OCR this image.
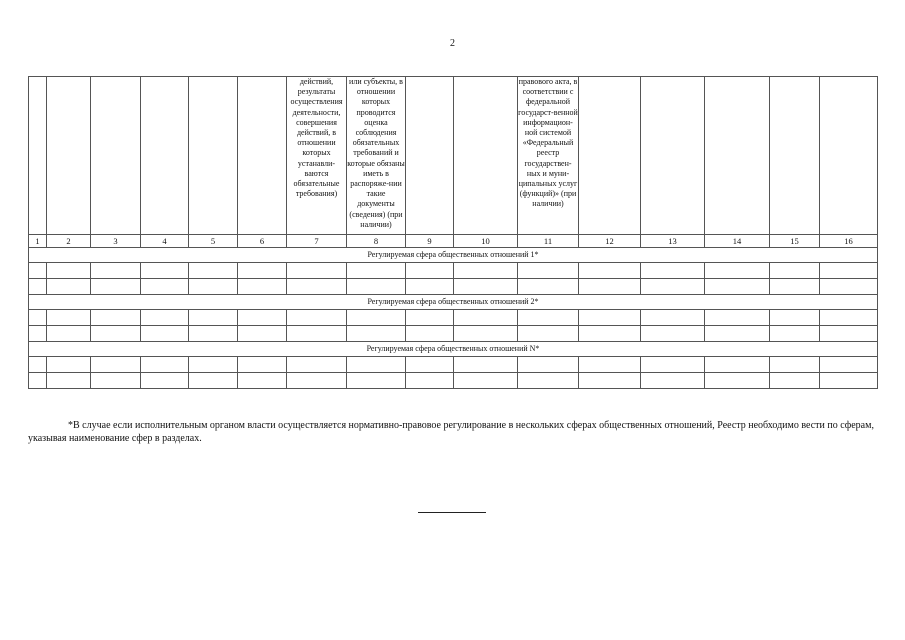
2
						действий, результаты осуществления деятельности, совершения действий, в отношении которых устанавли-ваются обязательные требования)	или субъекты, в отношении которых проводится оценка соблюдения обязательных требований и которые обязаны иметь в распоряже-нии такие документы (сведения) (при наличии)			правового акта, в соответствии с федеральной государст-венной информацион-ной системой «Федеральный реестр государствен-ных и муни-ципальных услуг (функций)» (при наличии)					
1	2	3	4	5	6	7	8	9	10	11	12	13	14	15	16
Регулируемая сфера общественных отношений 1*															

Регулируемая сфера общественных отношений 2*															

Регулируемая сфера общественных отношений N*															

*В случае если исполнительным органом власти осуществляется нормативно-правовое регулирование в нескольких сферах общественных отношений, Реестр необходимо вести по сферам, указывая наименование сфер в разделах.
